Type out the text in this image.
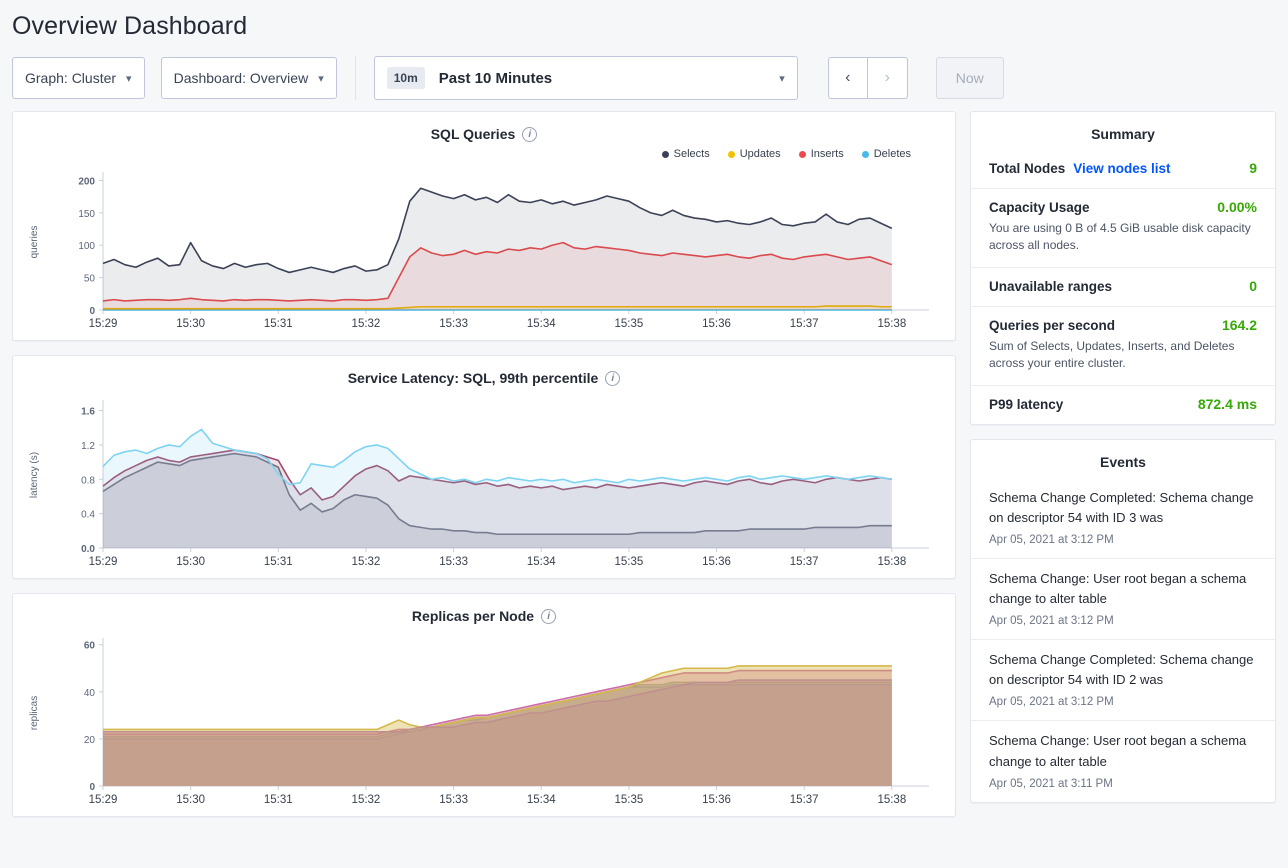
Overview Dashboard
Graph: Cluster ▾	Dashboard: Overview ▾	10m	Past 10 Minutes	▾	‹ ›	Now
SQL Queries	i
Selects	Updates	Inserts	Deletes
0
50
100
150
200
queries
15:29	15:30	15:31	15:32	15:33	15:34	15:35	15:36	15:37	15:38
Service Latency: SQL, 99th percentile	i
0.0
0.4
0.8
1.2
1.6
latency (s)
15:29	15:30	15:31	15:32	15:33	15:34	15:35	15:36	15:37	15:38
Replicas per Node	i
0
20
40
60
replicas
15:29	15:30	15:31	15:32	15:33	15:34	15:35	15:36	15:37	15:38
Summary
Total Nodes View nodes list	9
Capacity Usage	0.00%
You are using 0 B of 4.5 GiB usable disk capacity across all nodes.
Unavailable ranges	0
Queries per second	164.2
Sum of Selects, Updates, Inserts, and Deletes across your entire cluster.
P99 latency	872.4 ms
Events
Schema Change Completed: Schema change on descriptor 54 with ID 3 was
Apr 05, 2021 at 3:12 PM
Schema Change: User root began a schema change to alter table
Apr 05, 2021 at 3:12 PM
Schema Change Completed: Schema change on descriptor 54 with ID 2 was
Apr 05, 2021 at 3:12 PM
Schema Change: User root began a schema change to alter table
Apr 05, 2021 at 3:11 PM
